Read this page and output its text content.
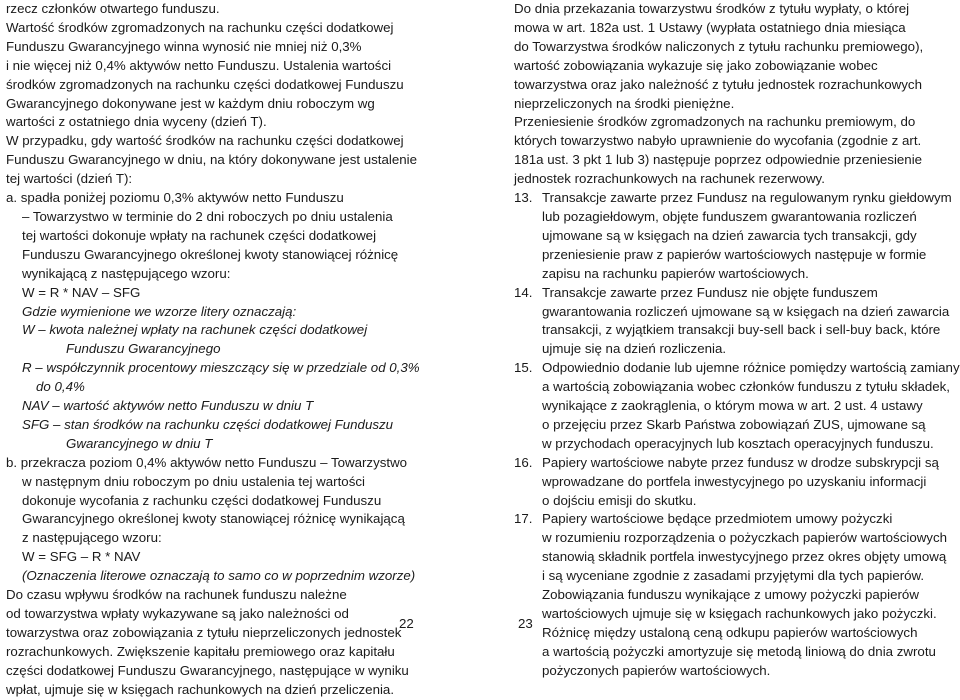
rzecz członków otwartego funduszu.
Wartość środków zgromadzonych na rachunku części dodatkowej
Funduszu Gwarancyjnego winna wynosić nie mniej niż 0,3%
i nie więcej niż 0,4% aktywów netto Funduszu. Ustalenia wartości
środków zgromadzonych na rachunku części dodatkowej Funduszu
Gwarancyjnego dokonywane jest w każdym dniu roboczym wg
wartości z ostatniego dnia wyceny (dzień T).
W przypadku, gdy wartość środków na rachunku części dodatkowej
Funduszu Gwarancyjnego w dniu, na który dokonywane jest ustalenie
tej wartości (dzień T):
a. spadła poniżej poziomu 0,3% aktywów netto Funduszu
– Towarzystwo w terminie do 2 dni roboczych po dniu ustalenia
tej wartości dokonuje wpłaty na rachunek części dodatkowej
Funduszu Gwarancyjnego określonej kwoty stanowiącej różnicę
wynikającą z następującego wzoru:
W = R * NAV – SFG
Gdzie wymienione we wzorze litery oznaczają:
W – kwota należnej wpłaty na rachunek części dodatkowej
Funduszu Gwarancyjnego
R – współczynnik procentowy mieszczący się w przedziale od 0,3%
do 0,4%
NAV – wartość aktywów netto Funduszu w dniu T
SFG – stan środków na rachunku części dodatkowej Funduszu
Gwarancyjnego w dniu T
b. przekracza poziom 0,4% aktywów netto Funduszu – Towarzystwo
w następnym dniu roboczym po dniu ustalenia tej wartości
dokonuje wycofania z rachunku części dodatkowej Funduszu
Gwarancyjnego określonej kwoty stanowiącej różnicę wynikającą
z następującego wzoru:
W = SFG – R * NAV
(Oznaczenia literowe oznaczają to samo co w poprzednim wzorze)
Do czasu wpływu środków na rachunek funduszu należne
od towarzystwa wpłaty wykazywane są jako należności od
towarzystwa oraz zobowiązania z tytułu nieprzeliczonych jednostek
rozrachunkowych. Zwiększenie kapitału premiowego oraz kapitału
części dodatkowej Funduszu Gwarancyjnego, następujące w wyniku
wpłat, ujmuje się w księgach rachunkowych na dzień przeliczenia.
Do dnia przekazania towarzystwu środków z tytułu wypłaty, o której
mowa w art. 182a ust. 1 Ustawy (wypłata ostatniego dnia miesiąca
do Towarzystwa środków naliczonych z tytułu rachunku premiowego),
wartość zobowiązania wykazuje się jako zobowiązanie wobec
towarzystwa oraz jako należność z tytułu jednostek rozrachunkowych
nieprzeliczonych na środki pieniężne.
Przeniesienie środków zgromadzonych na rachunku premiowym, do
których towarzystwo nabyło uprawnienie do wycofania (zgodnie z art.
181a ust. 3 pkt 1 lub 3) następuje poprzez odpowiednie przeniesienie
jednostek rozrachunkowych na rachunek rezerwowy.
13. Transakcje zawarte przez Fundusz na regulowanym rynku giełdowym
lub pozagiełdowym, objęte funduszem gwarantowania rozliczeń
ujmowane są w księgach na dzień zawarcia tych transakcji, gdy
przeniesienie praw z papierów wartościowych następuje w formie
zapisu na rachunku papierów wartościowych.
14. Transakcje zawarte przez Fundusz nie objęte funduszem
gwarantowania rozliczeń ujmowane są w księgach na dzień zawarcia
transakcji, z wyjątkiem transakcji buy-sell back i sell-buy back, które
ujmuje się na dzień rozliczenia.
15. Odpowiednio dodanie lub ujemne różnice pomiędzy wartością zamiany
a wartością zobowiązania wobec członków funduszu z tytułu składek,
wynikające z zaokrąglenia, o którym mowa w art. 2 ust. 4 ustawy
o przejęciu przez Skarb Państwa zobowiązań ZUS, ujmowane są
w przychodach operacyjnych lub kosztach operacyjnych funduszu.
16. Papiery wartościowe nabyte przez fundusz w drodze subskrypcji są
wprowadzane do portfela inwestycyjnego po uzyskaniu informacji
o dojściu emisji do skutku.
17. Papiery wartościowe będące przedmiotem umowy pożyczki
w rozumieniu rozporządzenia o pożyczkach papierów wartościowych
stanowią składnik portfela inwestycyjnego przez okres objęty umową
i są wyceniane zgodnie z zasadami przyjętymi dla tych papierów.
Zobowiązania funduszu wynikające z umowy pożyczki papierów
wartościowych ujmuje się w księgach rachunkowych jako pożyczki.
Różnicę między ustaloną ceną odkupu papierów wartościowych
a wartością pożyczki amortyzuje się metodą liniową do dnia zwrotu
pożyczonych papierów wartościowych.
22	23
